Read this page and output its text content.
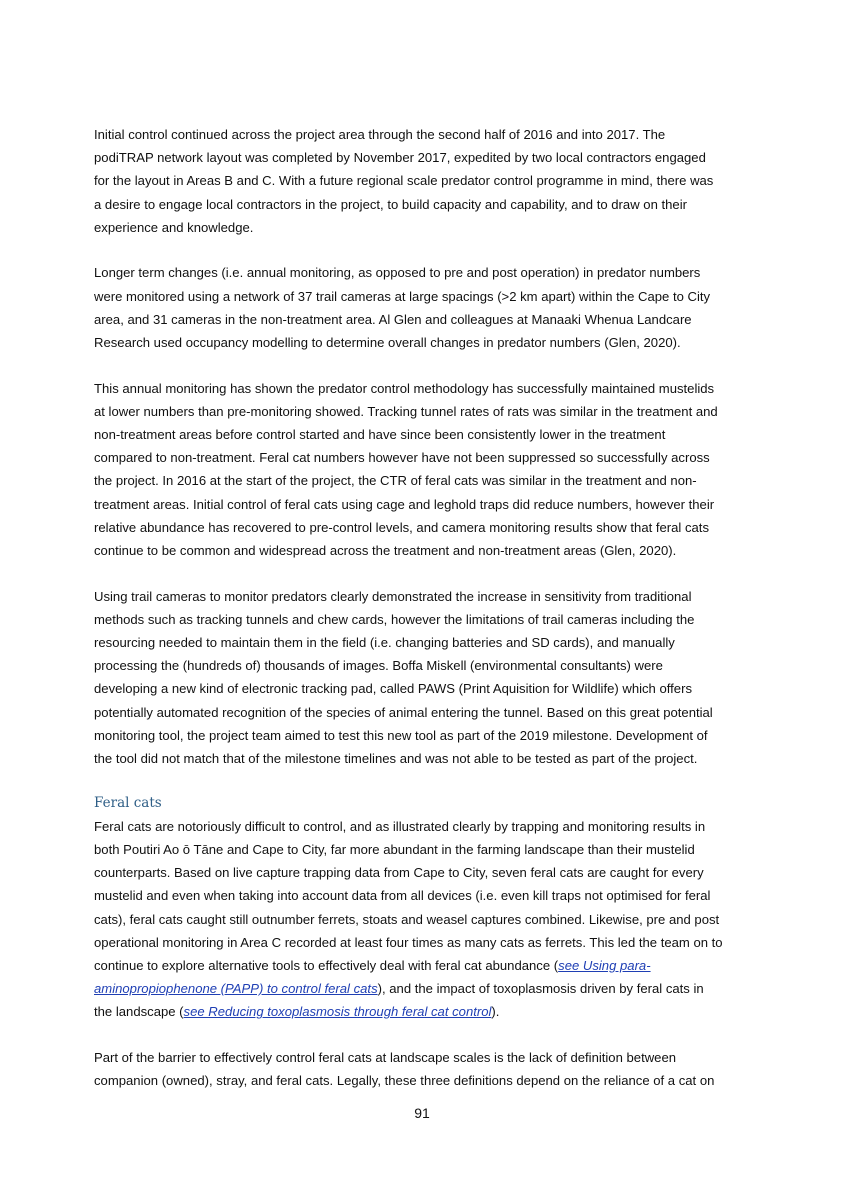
Initial control continued across the project area through the second half of 2016 and into 2017. The
podiTRAP network layout was completed by November 2017, expedited by two local contractors engaged
for the layout in Areas B and C. With a future regional scale predator control programme in mind, there was
a desire to engage local contractors in the project, to build capacity and capability, and to draw on their
experience and knowledge.
Longer term changes (i.e. annual monitoring, as opposed to pre and post operation) in predator numbers
were monitored using a network of 37 trail cameras at large spacings (>2 km apart) within the Cape to City
area, and 31 cameras in the non-treatment area. Al Glen and colleagues at Manaaki Whenua Landcare
Research used occupancy modelling to determine overall changes in predator numbers (Glen, 2020).
This annual monitoring has shown the predator control methodology has successfully maintained mustelids
at lower numbers than pre-monitoring showed. Tracking tunnel rates of rats was similar in the treatment and
non-treatment areas before control started and have since been consistently lower in the treatment
compared to non-treatment. Feral cat numbers however have not been suppressed so successfully across
the project. In 2016 at the start of the project, the CTR of feral cats was similar in the treatment and non-
treatment areas. Initial control of feral cats using cage and leghold traps did reduce numbers, however their
relative abundance has recovered to pre-control levels, and camera monitoring results show that feral cats
continue to be common and widespread across the treatment and non-treatment areas (Glen, 2020).
Using trail cameras to monitor predators clearly demonstrated the increase in sensitivity from traditional
methods such as tracking tunnels and chew cards, however the limitations of trail cameras including the
resourcing needed to maintain them in the field (i.e. changing batteries and SD cards), and manually
processing the (hundreds of) thousands of images. Boffa Miskell (environmental consultants) were
developing a new kind of electronic tracking pad, called PAWS (Print Aquisition for Wildlife) which offers
potentially automated recognition of the species of animal entering the tunnel. Based on this great potential
monitoring tool, the project team aimed to test this new tool as part of the 2019 milestone. Development of
the tool did not match that of the milestone timelines and was not able to be tested as part of the project.
Feral cats
Feral cats are notoriously difficult to control, and as illustrated clearly by trapping and monitoring results in
both Poutiri Ao ō Tāne and Cape to City, far more abundant in the farming landscape than their mustelid
counterparts. Based on live capture trapping data from Cape to City, seven feral cats are caught for every
mustelid and even when taking into account data from all devices (i.e. even kill traps not optimised for feral
cats), feral cats caught still outnumber ferrets, stoats and weasel captures combined. Likewise, pre and post
operational monitoring in Area C recorded at least four times as many cats as ferrets. This led the team on to
continue to explore alternative tools to effectively deal with feral cat abundance (see Using para-
aminopropiophenone (PAPP) to control feral cats), and the impact of toxoplasmosis driven by feral cats in
the landscape (see Reducing toxoplasmosis through feral cat control).
Part of the barrier to effectively control feral cats at landscape scales is the lack of definition between
companion (owned), stray, and feral cats. Legally, these three definitions depend on the reliance of a cat on
91
